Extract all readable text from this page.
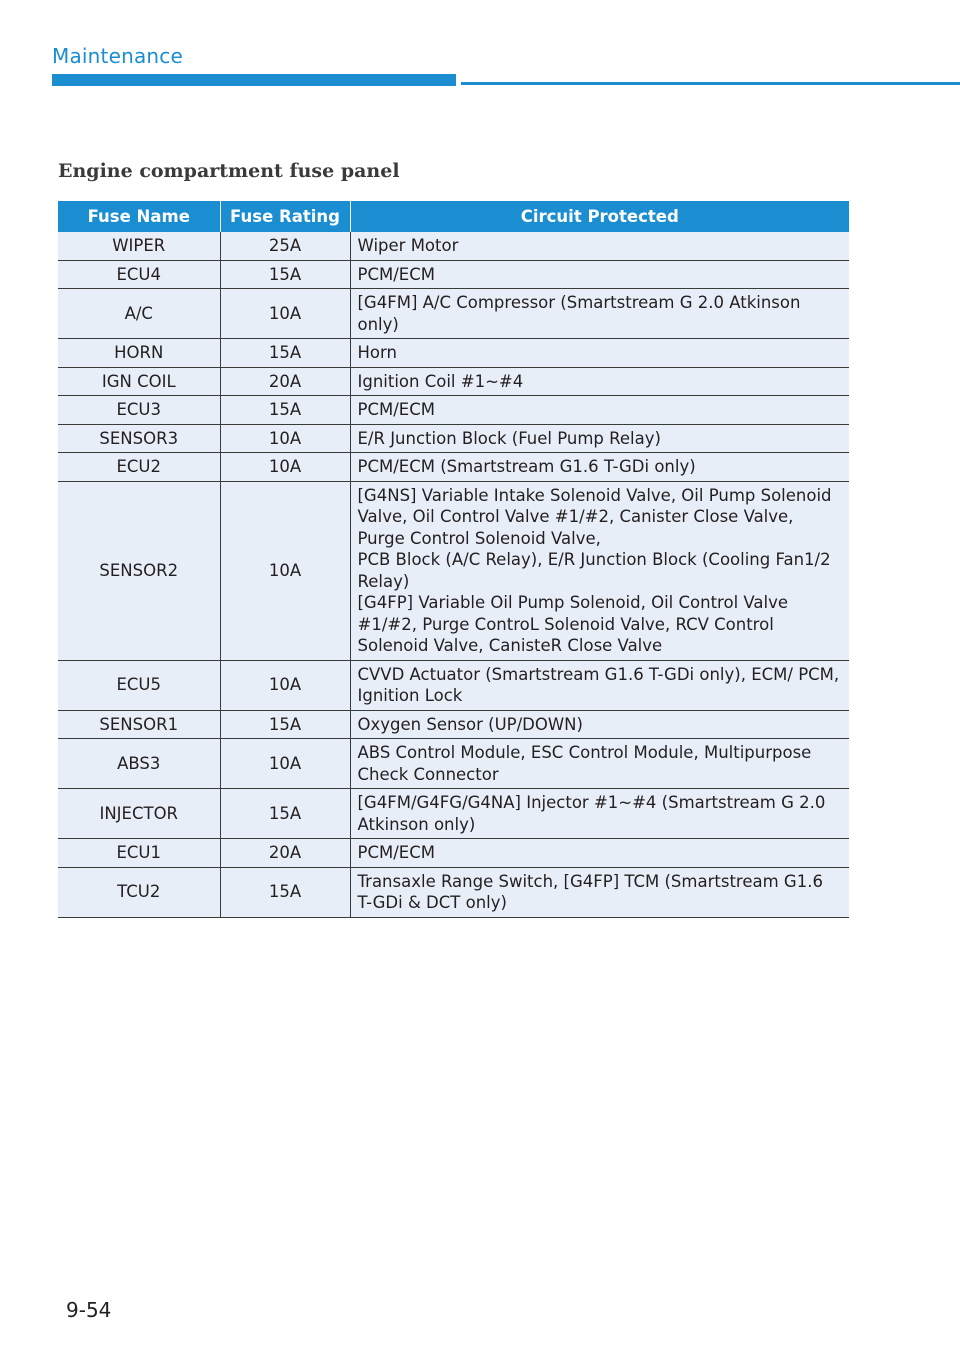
Maintenance
Engine compartment fuse panel
Fuse Name	Fuse Rating	Circuit Protected
WIPER	25A	Wiper Motor

ECU4	15A	PCM/ECM

A/C	10A	[G4FM] A/C Compressor (Smartstream G 2.0 Atkinson only)

HORN	15A	Horn

IGN COIL	20A	Ignition Coil #1~#4

ECU3	15A	PCM/ECM

SENSOR3	10A	E/R Junction Block (Fuel Pump Relay)

ECU2	10A	PCM/ECM (Smartstream G1.6 T-GDi only)

SENSOR2	10A	[G4NS] Variable Intake Solenoid Valve, Oil Pump Solenoid Valve, Oil Control Valve #1/#2, Canister Close Valve, Purge Control Solenoid Valve,
PCB Block (A/C Relay), E/R Junction Block (Cooling Fan1/2 Relay)
[G4FP] Variable Oil Pump Solenoid, Oil Control Valve #1/#2, Purge ControL Solenoid Valve, RCV Control Solenoid Valve, CanisteR Close Valve

ECU5	10A	CVVD Actuator (Smartstream G1.6 T-GDi only), ECM/ PCM, Ignition Lock

SENSOR1	15A	Oxygen Sensor (UP/DOWN)

ABS3	10A	ABS Control Module, ESC Control Module, Multipurpose Check Connector

INJECTOR	15A	[G4FM/G4FG/G4NA] Injector #1~#4 (Smartstream G 2.0 Atkinson only)

ECU1	20A	PCM/ECM

TCU2	15A	Transaxle Range Switch, [G4FP] TCM (Smartstream G1.6 T-GDi & DCT only)
9-54
